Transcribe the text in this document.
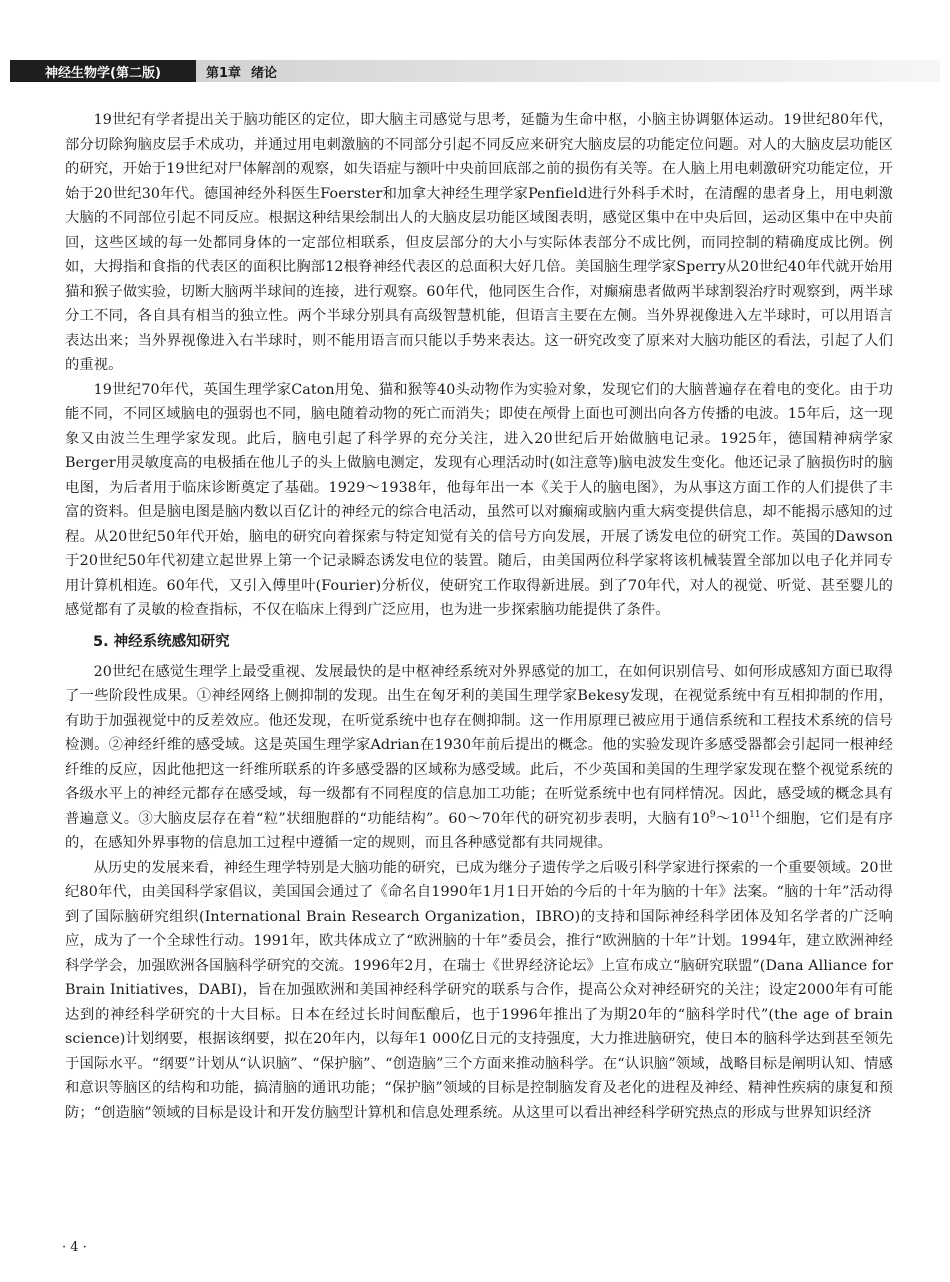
神经生物学(第二版)	第1章 绪论

19世纪有学者提出关于脑功能区的定位，即大脑主司感觉与思考，延髓为生命中枢，小脑主协调躯体运动。19世纪80年代，部分切除狗脑皮层手术成功，并通过用电刺激脑的不同部分引起不同反应来研究大脑皮层的功能定位问题。对人的大脑皮层功能区的研究，开始于19世纪对尸体解剖的观察，如失语症与额叶中央前回底部之前的损伤有关等。在人脑上用电刺激研究功能定位，开始于20世纪30年代。德国神经外科医生Foerster和加拿大神经生理学家Penfield进行外科手术时，在清醒的患者身上，用电刺激大脑的不同部位引起不同反应。根据这种结果绘制出人的大脑皮层功能区域图表明，感觉区集中在中央后回，运动区集中在中央前回，这些区域的每一处都同身体的一定部位相联系，但皮层部分的大小与实际体表部分不成比例，而同控制的精确度成比例。例如，大拇指和食指的代表区的面积比胸部12根脊神经代表区的总面积大好几倍。美国脑生理学家Sperry从20世纪40年代就开始用猫和猴子做实验，切断大脑两半球间的连接，进行观察。60年代，他同医生合作，对癫痫患者做两半球割裂治疗时观察到，两半球分工不同，各自具有相当的独立性。两个半球分别具有高级智慧机能，但语言主要在左侧。当外界视像进入左半球时，可以用语言表达出来；当外界视像进入右半球时，则不能用语言而只能以手势来表达。这一研究改变了原来对大脑功能区的看法，引起了人们的重视。

19世纪70年代，英国生理学家Caton用兔、猫和猴等40头动物作为实验对象，发现它们的大脑普遍存在着电的变化。由于功能不同，不同区域脑电的强弱也不同，脑电随着动物的死亡而消失；即使在颅骨上面也可测出向各方传播的电波。15年后，这一现象又由波兰生理学家发现。此后，脑电引起了科学界的充分关注，进入20世纪后开始做脑电记录。1925年，德国精神病学家Berger用灵敏度高的电极插在他儿子的头上做脑电测定，发现有心理活动时(如注意等)脑电波发生变化。他还记录了脑损伤时的脑电图，为后者用于临床诊断奠定了基础。1929～1938年，他每年出一本《关于人的脑电图》，为从事这方面工作的人们提供了丰富的资料。但是脑电图是脑内数以百亿计的神经元的综合电活动，虽然可以对癫痫或脑内重大病变提供信息，却不能揭示感知的过程。从20世纪50年代开始，脑电的研究向着探索与特定知觉有关的信号方向发展，开展了诱发电位的研究工作。英国的Dawson于20世纪50年代初建立起世界上第一个记录瞬态诱发电位的装置。随后，由美国两位科学家将该机械装置全部加以电子化并同专用计算机相连。60年代，又引入傅里叶(Fourier)分析仪，使研究工作取得新进展。到了70年代，对人的视觉、听觉、甚至婴儿的感觉都有了灵敏的检查指标，不仅在临床上得到广泛应用，也为进一步探索脑功能提供了条件。

5. 神经系统感知研究

20世纪在感觉生理学上最受重视、发展最快的是中枢神经系统对外界感觉的加工，在如何识别信号、如何形成感知方面已取得了一些阶段性成果。①神经网络上侧抑制的发现。出生在匈牙利的美国生理学家Bekesy发现，在视觉系统中有互相抑制的作用，有助于加强视觉中的反差效应。他还发现，在听觉系统中也存在侧抑制。这一作用原理已被应用于通信系统和工程技术系统的信号检测。②神经纤维的感受域。这是英国生理学家Adrian在1930年前后提出的概念。他的实验发现许多感受器都会引起同一根神经纤维的反应，因此他把这一纤维所联系的许多感受器的区域称为感受域。此后，不少英国和美国的生理学家发现在整个视觉系统的各级水平上的神经元都存在感受域，每一级都有不同程度的信息加工功能；在听觉系统中也有同样情况。因此，感受域的概念具有普遍意义。③大脑皮层存在着“粒”状细胞群的“功能结构”。60～70年代的研究初步表明，大脑有$10^9\sim 10^{11}$个细胞，它们是有序的，在感知外界事物的信息加工过程中遵循一定的规则，而且各种感觉都有共同规律。

从历史的发展来看，神经生理学特别是大脑功能的研究，已成为继分子遗传学之后吸引科学家进行探索的一个重要领域。20世纪80年代，由美国科学家倡议，美国国会通过了《命名自1990年1月1日开始的今后的十年为脑的十年》法案。“脑的十年”活动得到了国际脑研究组织(International Brain Research Organization，IBRO)的支持和国际神经科学团体及知名学者的广泛响应，成为了一个全球性行动。1991年，欧共体成立了“欧洲脑的十年”委员会，推行“欧洲脑的十年”计划。1994年，建立欧洲神经科学学会，加强欧洲各国脑科学研究的交流。1996年2月，在瑞士《世界经济论坛》上宣布成立“脑研究联盟”(Dana Alliance for Brain Initiatives，DABI)，旨在加强欧洲和美国神经科学研究的联系与合作，提高公众对神经研究的关注；设定2000年有可能达到的神经科学研究的十大目标。日本在经过长时间酝酿后，也于1996年推出了为期20年的“脑科学时代”(the age of brain science)计划纲要，根据该纲要，拟在20年内，以每年1 000亿日元的支持强度，大力推进脑研究，使日本的脑科学达到甚至领先于国际水平。“纲要”计划从“认识脑”、“保护脑”、“创造脑”三个方面来推动脑科学。在“认识脑”领域，战略目标是阐明认知、情感和意识等脑区的结构和功能，搞清脑的通讯功能；“保护脑”领域的目标是控制脑发育及老化的进程及神经、精神性疾病的康复和预防；“创造脑”领域的目标是设计和开发仿脑型计算机和信息处理系统。从这里可以看出神经科学研究热点的形成与世界知识经济

· 4 ·
